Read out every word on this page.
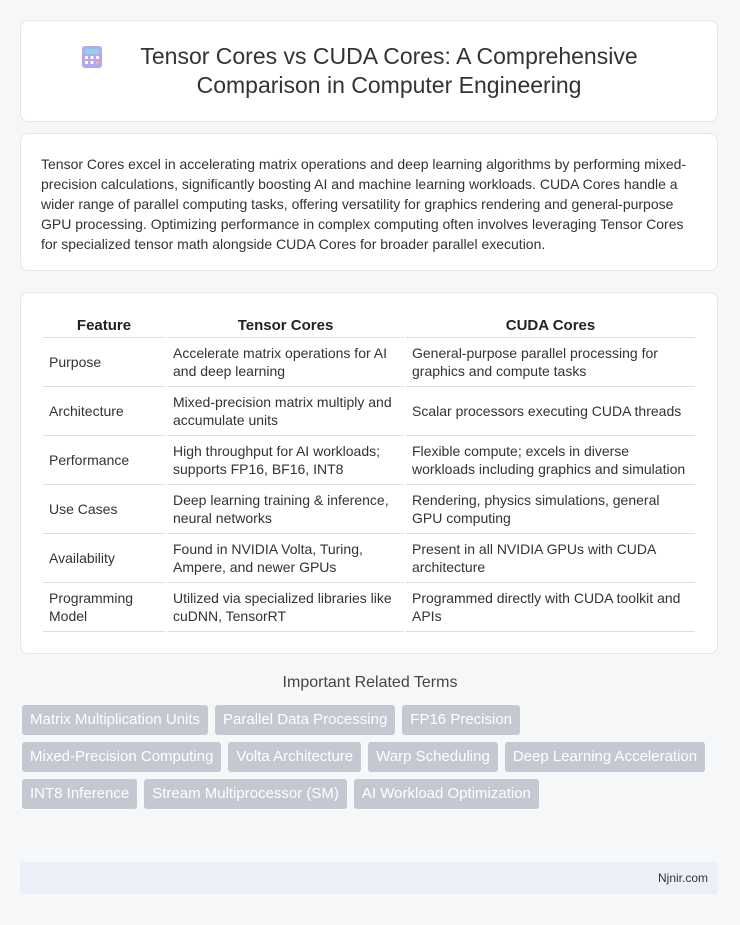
Tensor Cores vs CUDA Cores: A Comprehensive Comparison in Computer Engineering

Tensor Cores excel in accelerating matrix operations and deep learning algorithms by performing mixed-precision calculations, significantly boosting AI and machine learning workloads. CUDA Cores handle a wider range of parallel computing tasks, offering versatility for graphics rendering and general-purpose GPU processing. Optimizing performance in complex computing often involves leveraging Tensor Cores for specialized tensor math alongside CUDA Cores for broader parallel execution.

Feature	Tensor Cores	CUDA Cores
Purpose	Accelerate matrix operations for AI and deep learning	General-purpose parallel processing for graphics and compute tasks
Architecture	Mixed-precision matrix multiply and accumulate units	Scalar processors executing CUDA threads
Performance	High throughput for AI workloads; supports FP16, BF16, INT8	Flexible compute; excels in diverse workloads including graphics and simulation
Use Cases	Deep learning training & inference, neural networks	Rendering, physics simulations, general GPU computing
Availability	Found in NVIDIA Volta, Turing, Ampere, and newer GPUs	Present in all NVIDIA GPUs with CUDA architecture
Programming Model	Utilized via specialized libraries like cuDNN, TensorRT	Programmed directly with CUDA toolkit and APIs
Important Related Terms
Matrix Multiplication Units	Parallel Data Processing	FP16 Precision
Mixed-Precision Computing	Volta Architecture	Warp Scheduling	Deep Learning Acceleration
INT8 Inference	Stream Multiprocessor (SM)	AI Workload Optimization
Njnir.com
